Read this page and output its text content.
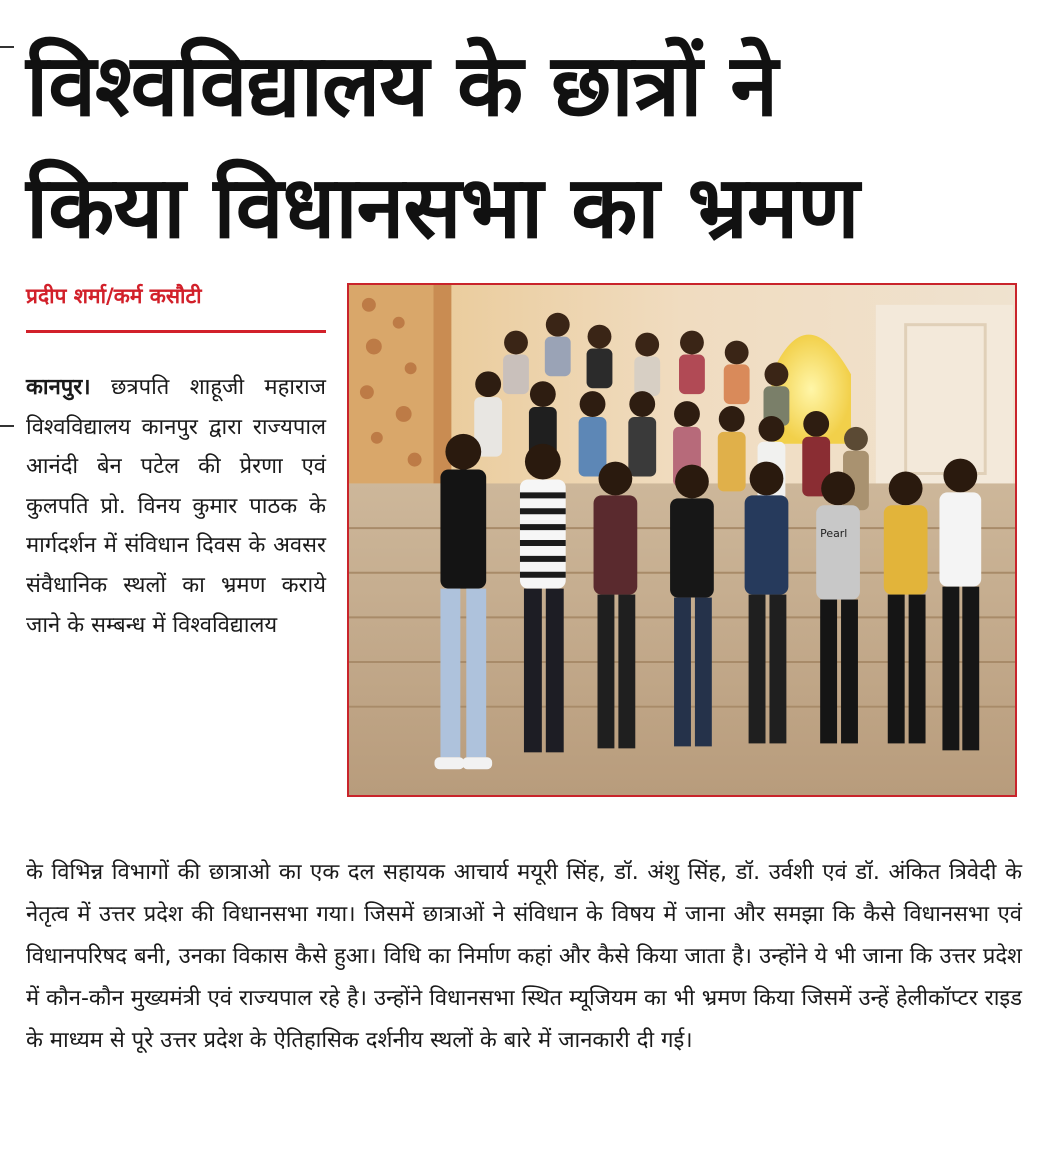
विश्वविद्यालय के छात्रों ने
किया विधानसभा का भ्रमण
प्रदीप शर्मा/कर्म कसौटी
कानपुर। छत्रपति शाहूजी महाराज विश्वविद्यालय कानपुर द्वारा राज्यपाल आनंदी बेन पटेल की प्रेरणा एवं कुलपति प्रो. विनय कुमार पाठक के मार्गदर्शन में संविधान दिवस के अवसर संवैधानिक स्थलों का भ्रमण कराये जाने के सम्बन्ध में विश्वविद्यालय
Pearl
के विभिन्न विभागों की छात्राओ का एक दल सहायक आचार्य मयूरी सिंह, डॉ. अंशु सिंह, डॉ. उर्वशी एवं डॉ. अंकित त्रिवेदी के नेतृत्व में उत्तर प्रदेश की विधानसभा गया। जिसमें छात्राओं ने संविधान के विषय में जाना और समझा कि कैसे विधानसभा एवं विधानपरिषद बनी, उनका विकास कैसे हुआ। विधि का निर्माण कहां और कैसे किया जाता है। उन्होंने ये भी जाना कि उत्तर प्रदेश में कौन-कौन मुख्यमंत्री एवं राज्यपाल रहे है। उन्होंने विधानसभा स्थित म्यूजियम का भी भ्रमण किया जिसमें उन्हें हेलीकॉप्टर राइड के माध्यम से पूरे उत्तर प्रदेश के ऐतिहासिक दर्शनीय स्थलों के बारे में जानकारी दी गई।
